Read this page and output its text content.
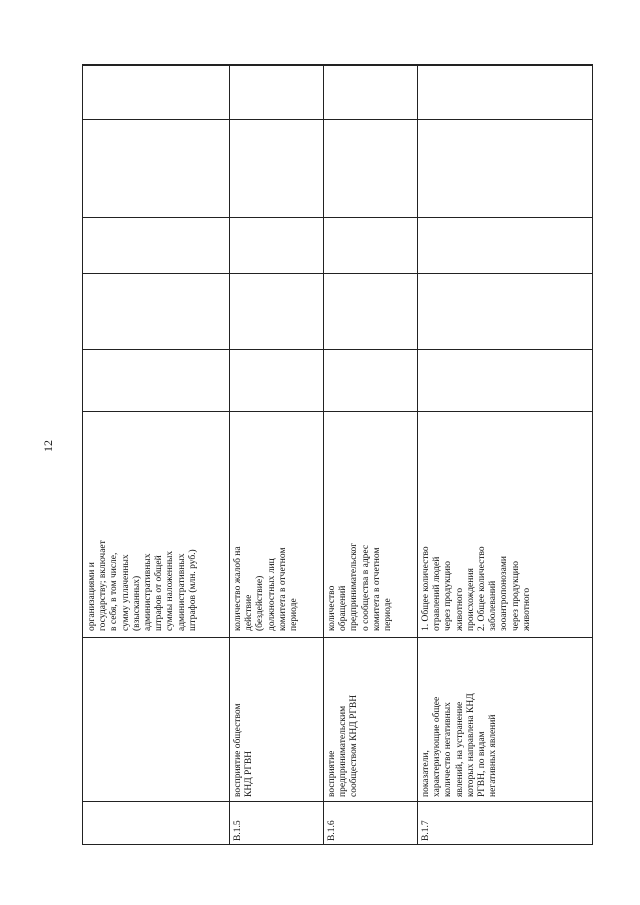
12
организациями и
государству; включает
в себя, в том числе,
сумму уплаченных
(взысканных)
административных
штрафов от общей
суммы наложенных
административных
штрафов (млн. руб.)
В.1.5
восприятие обществом
КНД РГВН
количество жалоб на
действие
(бездействие)
должностных лиц
комитета в отчетном
периоде
В.1.6
восприятие
предпринимательским
сообществом КНД РГВН
количество
обращений
предпринимательског
о сообщества в адрес
комитета в отчетном
периоде
В.1.7
показатели,
характеризующие общее
количество негативных
явлений, на устранение
которых направлена КНД
РГВН, по видам
негативных явлений
1. Общее количество
отравлений людей
через продукцию
животного
происхождения
2. Общее количество
заболеваний
зооантропонозами
через продукцию
животного
